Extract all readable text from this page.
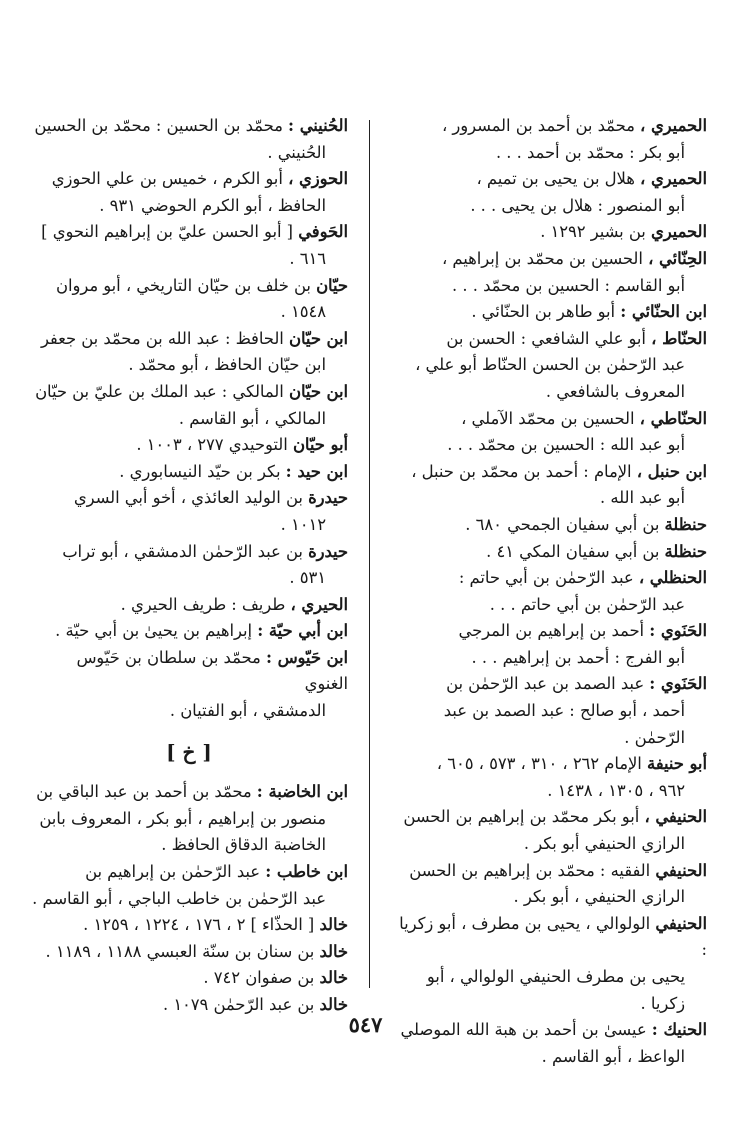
الحميري ، محمّد بن أحمد بن المسرور ،
أبو بكر : محمّد بن أحمد . . .

الحميري ، هلال بن يحيى بن تميم ،
أبو المنصور : هلال بن يحيى . . .

الحميري بن بشير ١٢٩٢ .

الحِنّائي ، الحسين بن محمّد بن إبراهيم ،
أبو القاسم : الحسين بن محمّد . . .

ابن الحنّائي : أبو طاهر بن الحنّائي .

الحنّاط ، أبو علي الشافعي : الحسن بن
عبد الرّحمٰن بن الحسن الحنّاط أبو علي ، المعروف بالشافعي .

الحنّاطي ، الحسين بن محمّد الآملي ،
أبو عبد الله : الحسين بن محمّد . . .

ابن حنبل ، الإمام : أحمد بن محمّد بن حنبل ،
أبو عبد الله .

حنظلة بن أبي سفيان الجمحي ٦٨٠ .

حنظلة بن أبي سفيان المكي ٤١ .

الحنظلي ، عبد الرّحمٰن بن أبي حاتم :
عبد الرّحمٰن بن أبي حاتم . . .

الحَنَوي : أحمد بن إبراهيم بن المرجي
أبو الفرج : أحمد بن إبراهيم . . .

الحَنَوي : عبد الصمد بن عبد الرّحمٰن بن
أحمد ، أبو صالح : عبد الصمد بن عبد الرّحمٰن .

أبو حنيفة الإمام ٢٦٢ ، ٣١٠ ، ٥٧٣ ، ٦٠٥ ،
٩٦٢ ، ١٣٠٥ ، ١٤٣٨ .

الحنيفي ، أبو بكر محمّد بن إبراهيم بن الحسن
الرازي الحنيفي أبو بكر .

الحنيفي الفقيه : محمّد بن إبراهيم بن الحسن
الرازي الحنيفي ، أبو بكر .

الحنيفي الولوالي ، يحيى بن مطرف ، أبو زكريا :
يحيى بن مطرف الحنيفي الولوالي ، أبو زكريا .

الحنيك : عيسىٰ بن أحمد بن هبة الله الموصلي
الواعظ ، أبو القاسم .

الحُنيني : محمّد بن الحسين : محمّد بن الحسين
الحُنيني .

الحوزي ، أبو الكرم ، خميس بن علي الحوزي
الحافظ ، أبو الكرم الحوضي ٩٣١ .

الحَوفي [ أبو الحسن عليّ بن إبراهيم النحوي ]
٦١٦ .

حيّان بن خلف بن حيّان التاريخي ، أبو مروان
١٥٤٨ .

ابن حيّان الحافظ : عبد الله بن محمّد بن جعفر
ابن حيّان الحافظ ، أبو محمّد .

ابن حيّان المالكي : عبد الملك بن عليّ بن حيّان
المالكي ، أبو القاسم .

أبو حيّان التوحيدي ٢٧٧ ، ١٠٠٣ .

ابن حيد : بكر بن حيّد النيسابوري .

حيدرة بن الوليد العائذي ، أخو أبي السري
١٠١٢ .

حيدرة بن عبد الرّحمٰن الدمشقي ، أبو تراب
٥٣١ .

الحيري ، طريف : طريف الحيري .

ابن أبي حيّة : إبراهيم بن يحيىٰ بن أبي حيّة .

ابن حَيّوس : محمّد بن سلطان بن حَيّوس الغنوي
الدمشقي ، أبو الفتيان .

[ خ ]

ابن الخاضبة : محمّد بن أحمد بن عبد الباقي بن
منصور بن إبراهيم ، أبو بكر ، المعروف بابن الخاضبة الدقاق الحافظ .

ابن خاطب : عبد الرّحمٰن بن إبراهيم بن
عبد الرّحمٰن بن خاطب الباجي ، أبو القاسم .

خالد [ الحذّاء ] ٢ ، ١٧٦ ، ١٢٢٤ ، ١٢٥٩ .

خالد بن سنان بن سنّة العبسي ١١٨٨ ، ١١٨٩ .

خالد بن صفوان ٧٤٢ .

خالد بن عبد الرّحمٰن ١٠٧٩ .

٥٤٧
